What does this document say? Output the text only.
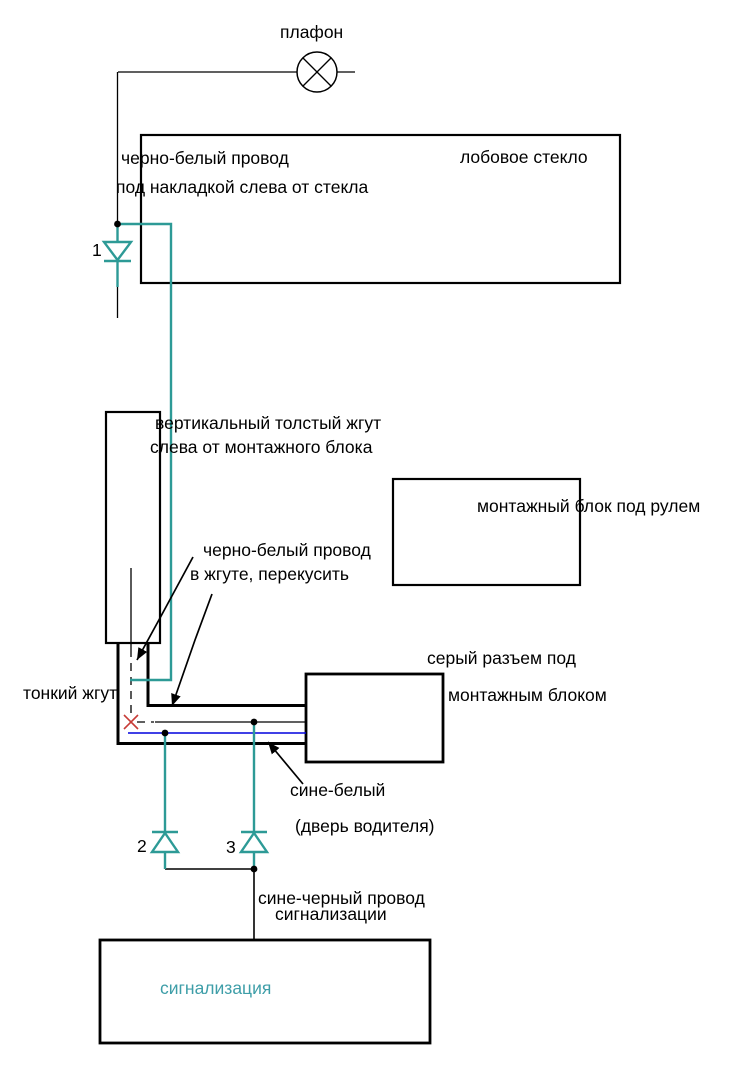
плафон
черно-белый провод	лобовое стекло
под накладкой слева от стекла
1
вертикальный толстый жгут
слева от монтажного блока
монтажный блок под рулем
черно-белый провод
в жгуте, перекусить
серый разъем под
монтажным блоком
тонкий жгут
сине-белый
(дверь водителя)
2	3
сине-черный провод
сигнализации
сигнализация
